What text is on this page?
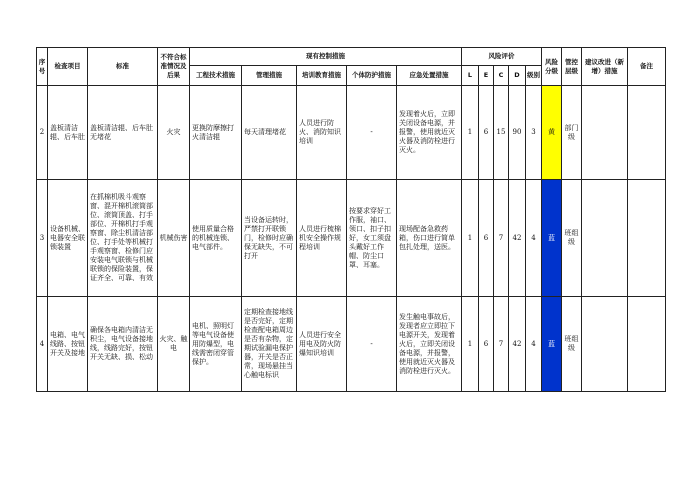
序号	检查项目	标准	不符合标准情况及后果	现有控制措施					风险评价					风险分级	管控层级	建议改进（新增）措施	备注
				工程技术措施	管理措施	培训教育措施	个体防护措施	应急处置措施	L	E	C	D	级别				
2	盖板清洁辊、后车肚	盖板清洁辊、后车肚无堵花	火灾	更换防摩擦打火清洁辊	每天清理堵花	人员进行防火、消防知识培训	-	发现着火后，立即关闭设备电源，并报警，使用就近灭火器及消防栓进行灭火。	1	6	15	90	3	黄	部门级		
3	设备机械、电器安全联锁装置	在抓棉机吸斗观察窗、混开棉机滚筒部位、滚筒顶盖、打手部位、开棉机打手观察窗、除尘机清洁部位、打手处等机械打手观察窗、检修门应安装电气联锁与机械联锁的保险装置，保证齐全、可靠、有效	机械伤害	使用质量合格的机械连锁、电气部件。	当设备运转时，严禁打开联锁门，检修时应确保无缺失，不可打开	人员进行梳棉机安全操作规程培训	按要求穿好工作服，袖口、领口、扣子扣好，女工须盘头戴好工作帽、防尘口罩、耳塞。	现场配备急救药箱，伤口进行简单包扎处理，送医。	1	6	7	42	4	蓝	班组级		
4	电箱、电气线路、按钮开关及接地	确保各电箱内清洁无积尘，电气设备接地线，线路完好，按钮开关无缺、损、松动	火灾、触电	电机、照明灯等电气设备使用防爆型，电线需密闭穿管保护。	定期检查接地线是否完好，定期检查配电箱周边是否有杂物，定期试验漏电保护器，开关是否正常，现场悬挂当心触电标识	人员进行安全用电及防火防爆知识培训	-	发生触电事故后，发现者应立即拉下电源开关，发现着火后，立即关闭设备电源，并报警，使用就近灭火器及消防栓进行灭火。	1	6	7	42	4	蓝	班组级		
